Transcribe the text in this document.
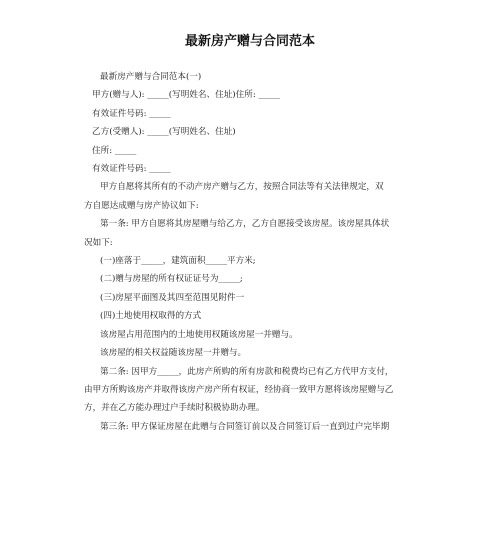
最新房产赠与合同范本
最新房产赠与合同范本(一)
甲方(赠与人): _____(写明姓名、住址)住所: _____
有效证件号码: _____
乙方(受赠人): _____(写明姓名、住址)
住所: _____
有效证件号码: _____
甲方自愿将其所有的不动产房产赠与乙方，按照合同法等有关法律规定，双
方自愿达成赠与房产协议如下:
第一条: 甲方自愿将其房屋赠与给乙方，乙方自愿接受该房屋。该房屋具体状
况如下:
(一)座落于_____，建筑面积_____平方米;
(二)赠与房屋的所有权证证号为_____;
(三)房屋平面图及其四至范围见附件一
(四)土地使用权取得的方式
该房屋占用范围内的土地使用权随该房屋一并赠与。
该房屋的相关权益随该房屋一并赠与。
第二条: 因甲方_____，此房产所购的所有房款和税费均已有乙方代甲方支付，
由甲方所购该房产并取得该房产房产所有权证，经协商一致甲方愿将该房屋赠与乙
方，并在乙方能办理过户手续时积极协助办理。
第三条: 甲方保证房屋在此赠与合同签订前以及合同签订后一直到过户完毕期
